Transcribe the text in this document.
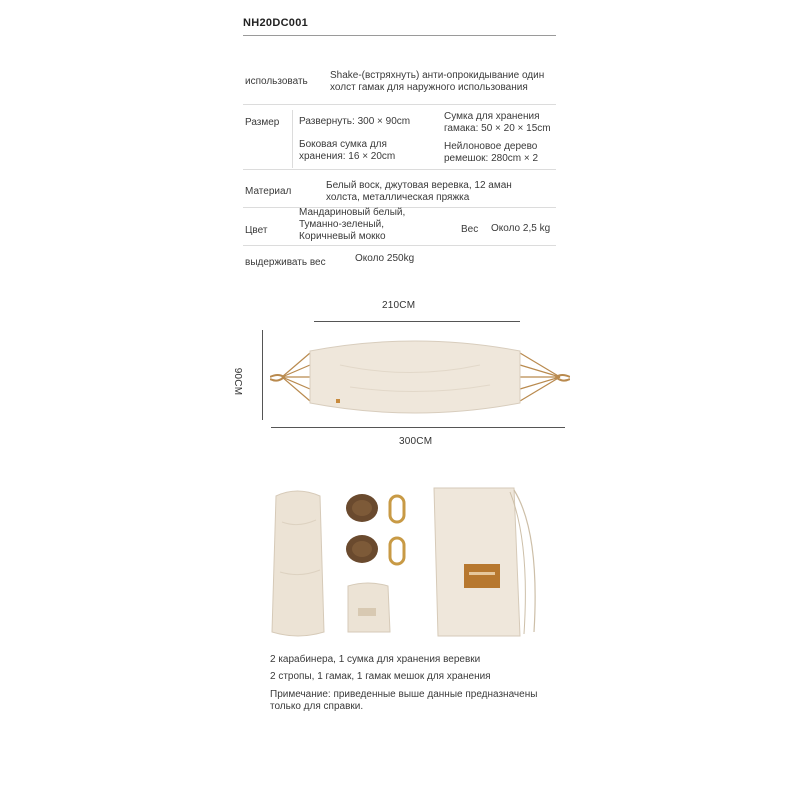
NH20DC001
использовать
Shake-(встряхнуть) анти-опрокидывание один
холст гамак для наружного использования
Размер Развернуть: 300 × 90cm
Боковая сумка для
хранения: 16 × 20cm
Сумка для хранения
гамака: 50 × 20 × 15cm
Нейлоновое дерево
ремешок: 280cm × 2
Материал
Белый воск, джутовая веревка, 12 аман
холста, металлическая пряжка
Цвет
Мандариновый белый,
Туманно-зеленый,
Коричневый мокко
Вес Около 2,5 kg
выдерживать вес	Около 250kg
210CM
300CM
90CM
2 карабинера, 1 сумка для хранения веревки
2 стропы, 1 гамак, 1 гамак мешок для хранения
Примечание: приведенные выше данные предназначены
только для справки.
